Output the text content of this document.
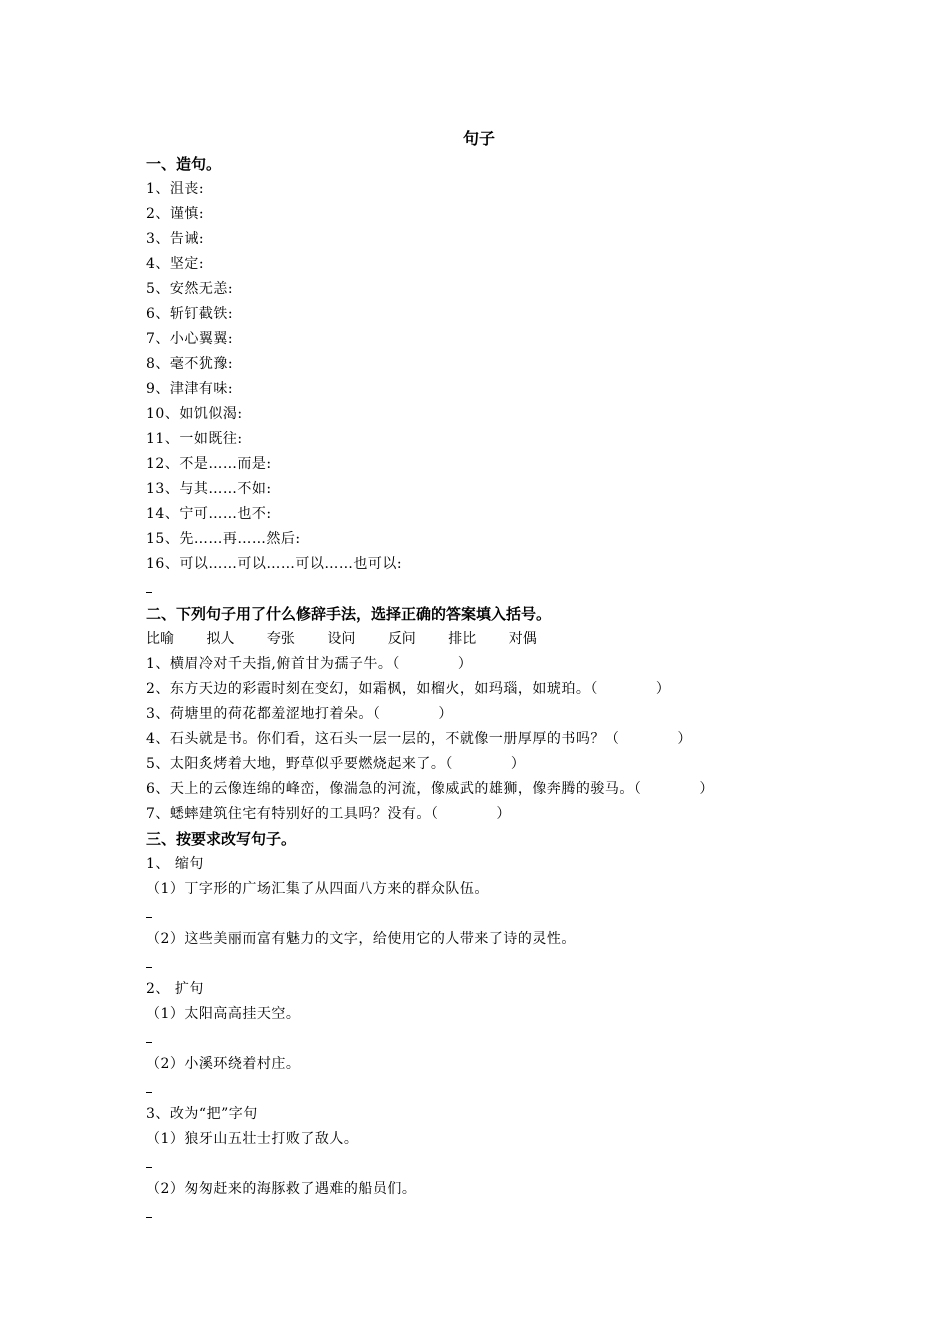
句子
一、造句。
1、沮丧:
2、谨慎:
3、告诫:
4、坚定:
5、安然无恙:
6、斩钉截铁:
7、小心翼翼:
8、毫不犹豫:
9、津津有味:
10、如饥似渴:
11、一如既往:
12、不是……而是:
13、与其……不如:
14、宁可……也不:
15、先……再……然后:
16、可以……可以……可以……也可以:
二、下列句子用了什么修辞手法，选择正确的答案填入括号。
比喻 拟人 夸张 设问 反问 排比 对偶
1、横眉冷对千夫指,俯首甘为孺子牛。（　　　　）
2、东方天边的彩霞时刻在变幻，如霜枫，如榴火，如玛瑙，如琥珀。（　　　　）
3、荷塘里的荷花都羞涩地打着朵。（　　　　）
4、石头就是书。你们看，这石头一层一层的，不就像一册厚厚的书吗？（　　　　）
5、太阳炙烤着大地，野草似乎要燃烧起来了。（　　　　）
6、天上的云像连绵的峰峦，像湍急的河流，像威武的雄狮，像奔腾的骏马。（　　　　）
7、蟋蟀建筑住宅有特别好的工具吗？没有。（　　　　）
三、按要求改写句子。
1、 缩句
（1）丁字形的广场汇集了从四面八方来的群众队伍。
（2）这些美丽而富有魅力的文字，给使用它的人带来了诗的灵性。
2、 扩句
（1）太阳高高挂天空。
（2）小溪环绕着村庄。
3、改为“把”字句
（1）狼牙山五壮士打败了敌人。
（2）匆匆赶来的海豚救了遇难的船员们。
